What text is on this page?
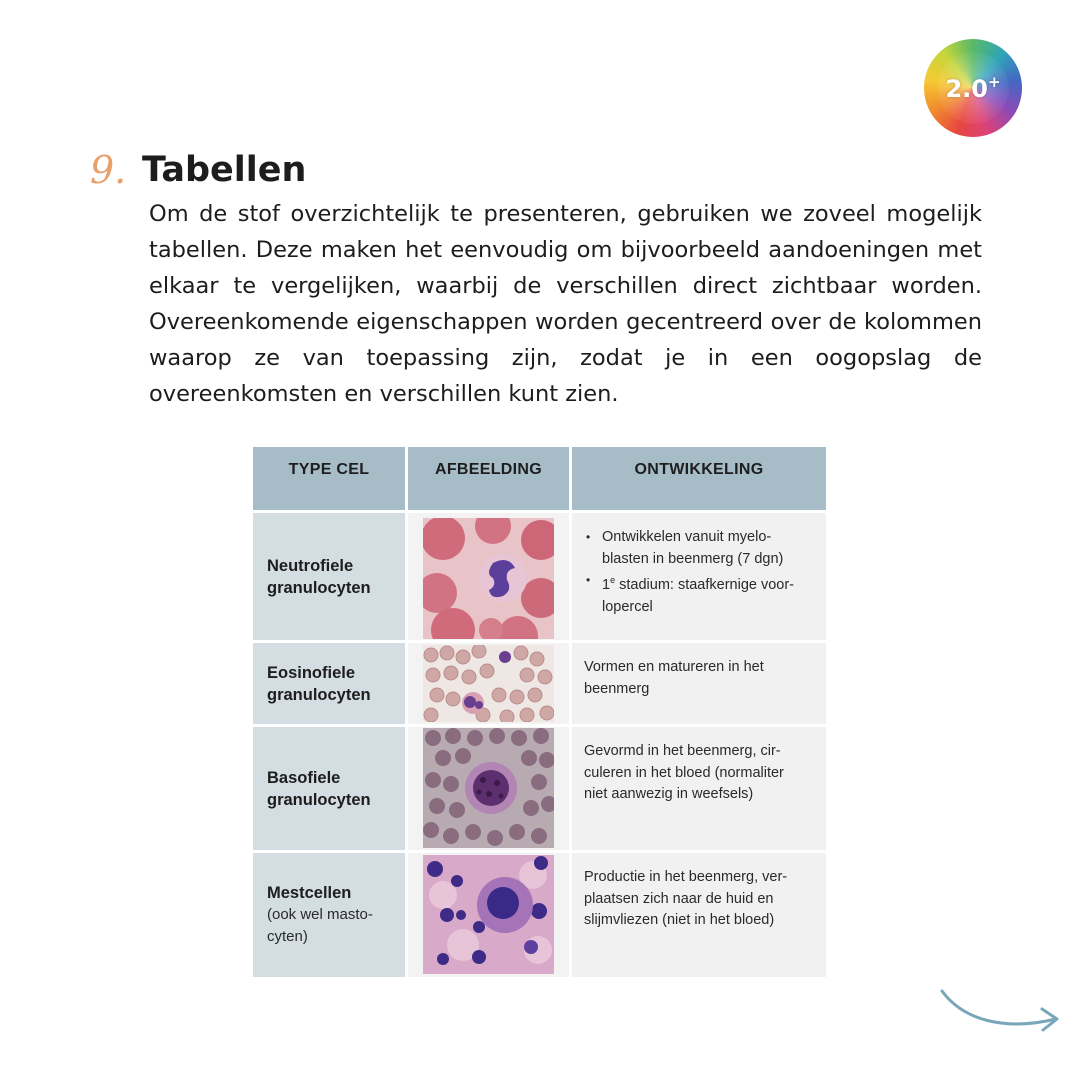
2.0+
9. Tabellen

Om de stof overzichtelijk te presenteren, gebruiken we zoveel mogelijk tabellen. Deze maken het eenvoudig om bijvoorbeeld aandoeningen met elkaar te vergelijken, waarbij de verschillen direct zichtbaar worden. Overeenkomende eigenschappen worden gecentreerd over de kolommen waarop ze van toepassing zijn, zodat je in een oogopslag de overeenkomsten en verschillen kunt zien.

TYPE CEL	AFBEELDING	ONTWIKKELING
Neutrofiele
granulocyten
• Ontwikkelen vanuit myelo-
blasten in beenmerg (7 dgn)
• 1e stadium: staafkernige voor-
lopercel
Eosinofiele
granulocyten
Vormen en matureren in het
beenmerg
Basofiele
granulocyten
Gevormd in het beenmerg, cir-
culeren in het bloed (normaliter
niet aanwezig in weefsels)
Mestcellen
(ook wel masto-
cyten)
Productie in het beenmerg, ver-
plaatsen zich naar de huid en
slijmvliezen (niet in het bloed)
